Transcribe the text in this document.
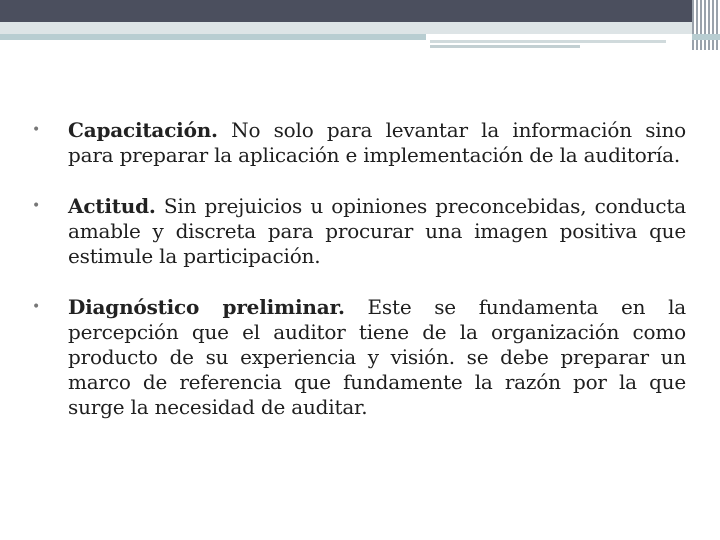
•	Capacitación. No solo para levantar la información sino para preparar la aplicación e implementación de la auditoría.
•	Actitud. Sin prejuicios u opiniones preconcebidas, conducta amable y discreta para procurar una imagen positiva que estimule la participación.
•	Diagnóstico preliminar. Este se fundamenta en la percepción que el auditor tiene de la organización como producto de su experiencia y visión. se debe preparar un marco de referencia que fundamente la razón por la que surge la necesidad de auditar.
